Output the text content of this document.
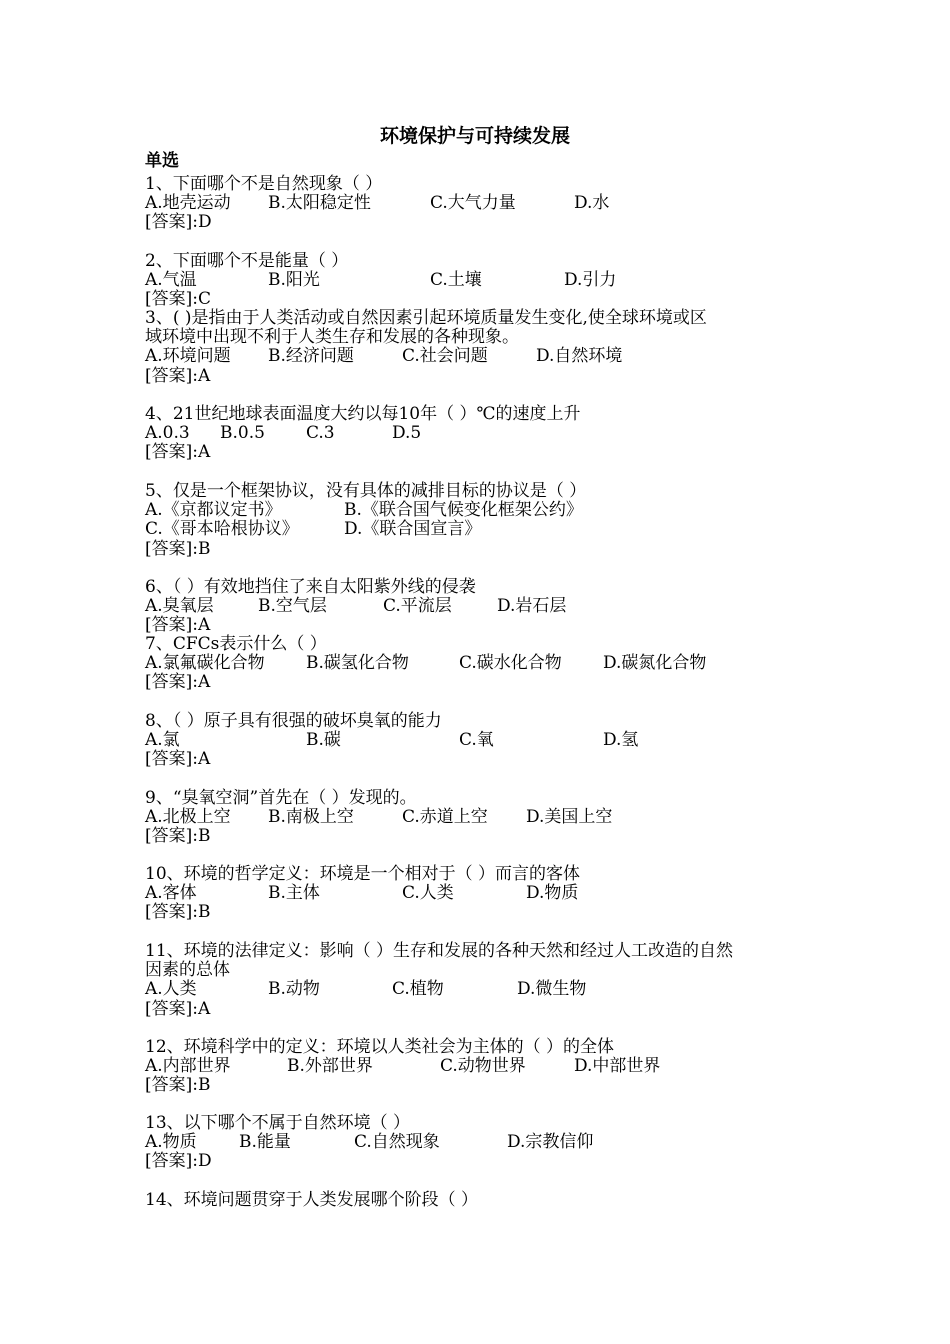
环境保护与可持续发展
单选
1、下面哪个不是自然现象（ ）
A.地壳运动 B.太阳稳定性	C.大气力量	D.水
[答案]:D
2、下面哪个不是能量（ ）
A.气温	B.阳光	C.土壤	D.引力
[答案]:C
3、( )是指由于人类活动或自然因素引起环境质量发生变化,使全球环境或区
域环境中出现不利于人类生存和发展的各种现象。
A.环境问题 B.经济问题	C.社会问题	D.自然环境
[答案]:A
4、21世纪地球表面温度大约以每10年（ ）℃的速度上升
A.0.3 B.0.5 C.3	D.5
[答案]:A
5、仅是一个框架协议，没有具体的减排目标的协议是（ ）
A.《京都议定书》	B.《联合国气候变化框架公约》
C.《哥本哈根协议》	D.《联合国宣言》
[答案]:B
6、（ ）有效地挡住了来自太阳紫外线的侵袭
A.臭氧层	B.空气层	C.平流层	D.岩石层
[答案]:A
7、CFCs表示什么（ ）
A.氯氟碳化合物 B.碳氢化合物	C.碳水化合物 D.碳氮化合物
[答案]:A
8、（ ）原子具有很强的破坏臭氧的能力
A.氯	B.碳	C.氧	D.氢
[答案]:A
9、“臭氧空洞”首先在（ ）发现的。
A.北极上空 B.南极上空	C.赤道上空 D.美国上空
[答案]:B
10、环境的哲学定义：环境是一个相对于（ ）而言的客体
A.客体	B.主体	C.人类	D.物质
[答案]:B
11、环境的法律定义：影响（ ）生存和发展的各种天然和经过人工改造的自然
因素的总体
A.人类	B.动物	C.植物	D.微生物
[答案]:A
12、环境科学中的定义：环境以人类社会为主体的（ ）的全体
A.内部世界	B.外部世界	C.动物世界	D.中部世界
[答案]:B
13、以下哪个不属于自然环境（ ）
A.物质 B.能量	C.自然现象	D.宗教信仰
[答案]:D
14、环境问题贯穿于人类发展哪个阶段（ ）
